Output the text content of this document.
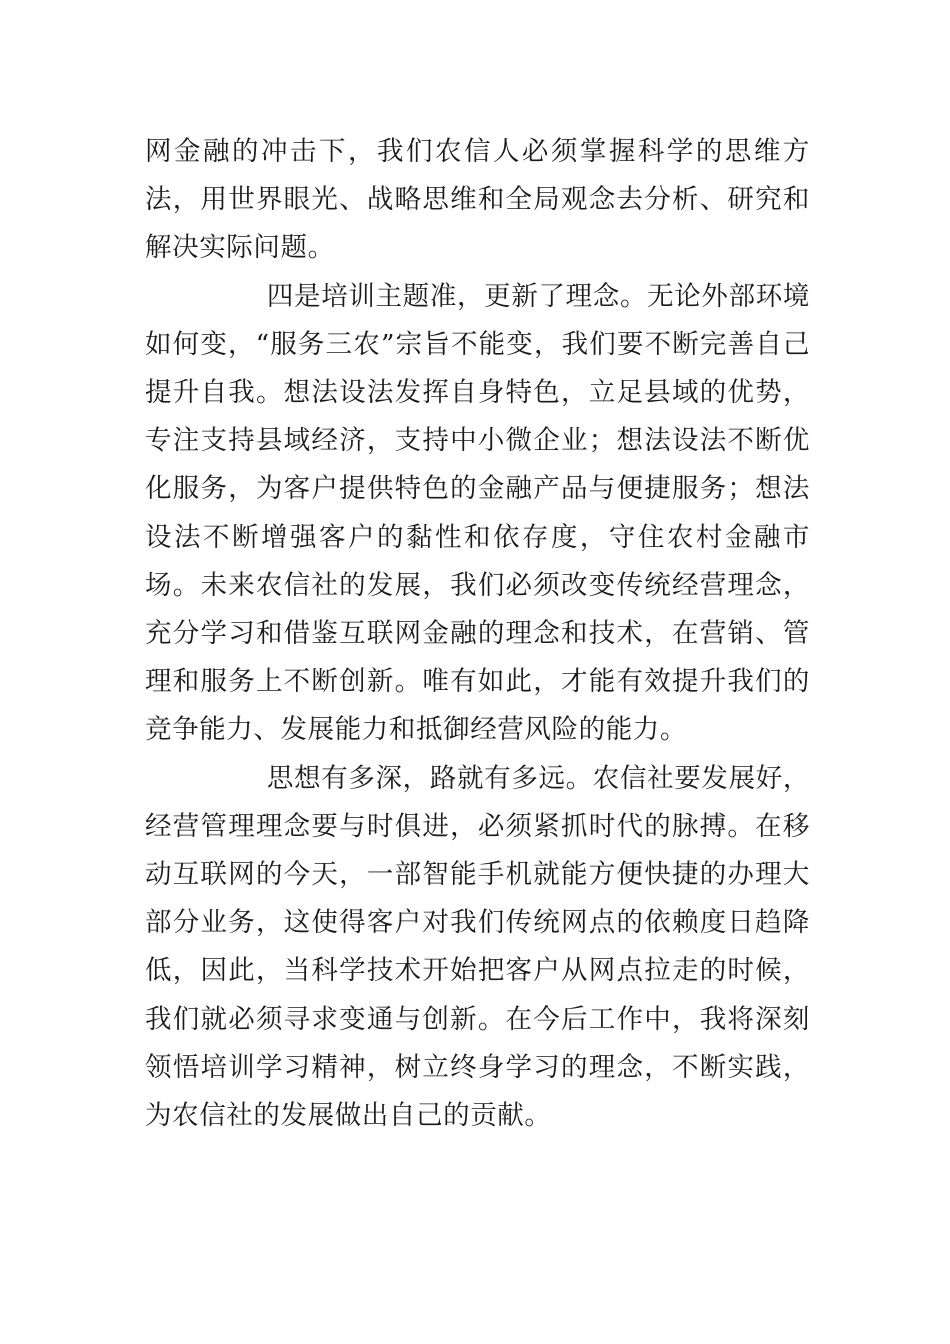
网金融的冲击下，我们农信人必须掌握科学的思维方法，用世界眼光、战略思维和全局观念去分析、研究和解决实际问题。

四是培训主题准，更新了理念。无论外部环境如何变，“服务三农”宗旨不能变，我们要不断完善自己提升自我。想法设法发挥自身特色，立足县域的优势，专注支持县域经济，支持中小微企业；想法设法不断优化服务，为客户提供特色的金融产品与便捷服务；想法设法不断增强客户的黏性和依存度，守住农村金融市场。未来农信社的发展，我们必须改变传统经营理念，充分学习和借鉴互联网金融的理念和技术，在营销、管理和服务上不断创新。唯有如此，才能有效提升我们的竞争能力、发展能力和抵御经营风险的能力。

思想有多深，路就有多远。农信社要发展好，经营管理理念要与时俱进，必须紧抓时代的脉搏。在移动互联网的今天，一部智能手机就能方便快捷的办理大部分业务，这使得客户对我们传统网点的依赖度日趋降低，因此，当科学技术开始把客户从网点拉走的时候，我们就必须寻求变通与创新。在今后工作中，我将深刻领悟培训学习精神，树立终身学习的理念，不断实践，为农信社的发展做出自己的贡献。
